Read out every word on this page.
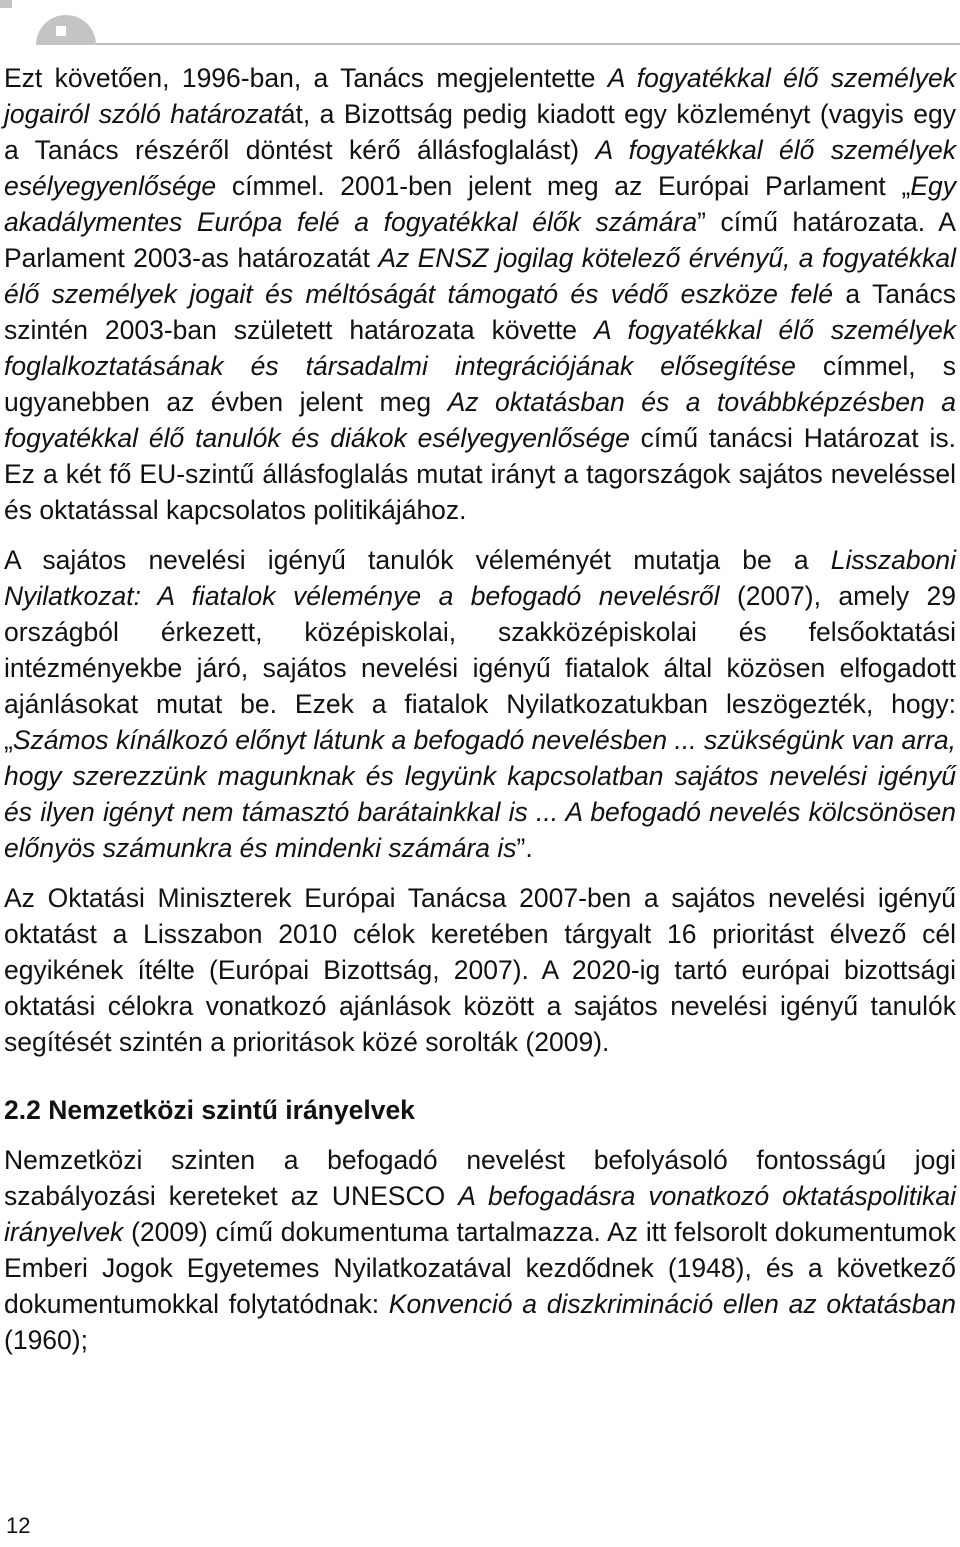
Ezt követően, 1996-ban, a Tanács megjelentette A fogyatékkal élő személyek jogairól szóló határozatát, a Bizottság pedig kiadott egy közleményt (vagyis egy a Tanács részéről döntést kérő állásfoglalást) A fogyatékkal élő személyek esélyegyenlősége címmel. 2001-ben jelent meg az Európai Parlament „Egy akadálymentes Európa felé a fogyatékkal élők számára” című határozata. A Parlament 2003-as határozatát Az ENSZ jogilag kötelező érvényű, a fogyatékkal élő személyek jogait és méltóságát támogató és védő eszköze felé a Tanács szintén 2003-ban született határozata követte A fogyatékkal élő személyek foglalkoztatásának és társadalmi integrációjának elősegítése címmel, s ugyanebben az évben jelent meg Az oktatásban és a továbbképzésben a fogyatékkal élő tanulók és diákok esélyegyenlősége című tanácsi Határozat is. Ez a két fő EU-szintű állásfoglalás mutat irányt a tagországok sajátos neveléssel és oktatással kapcsolatos politikájához.

A sajátos nevelési igényű tanulók véleményét mutatja be a Lisszaboni Nyilatkozat: A fiatalok véleménye a befogadó nevelésről (2007), amely 29 országból érkezett, középiskolai, szakközépiskolai és felsőoktatási intézményekbe járó, sajátos nevelési igényű fiatalok által közösen elfogadott ajánlásokat mutat be. Ezek a fiatalok Nyilatkozatukban leszögezték, hogy: „Számos kínálkozó előnyt látunk a befogadó nevelésben ... szükségünk van arra, hogy szerezzünk magunknak és legyünk kapcsolatban sajátos nevelési igényű és ilyen igényt nem támasztó barátainkkal is ... A befogadó nevelés kölcsönösen előnyös számunkra és mindenki számára is”.

Az Oktatási Miniszterek Európai Tanácsa 2007-ben a sajátos nevelési igényű oktatást a Lisszabon 2010 célok keretében tárgyalt 16 prioritást élvező cél egyikének ítélte (Európai Bizottság, 2007). A 2020-ig tartó európai bizottsági oktatási célokra vonatkozó ajánlások között a sajátos nevelési igényű tanulók segítését szintén a prioritások közé sorolták (2009).

2.2 Nemzetközi szintű irányelvek

Nemzetközi szinten a befogadó nevelést befolyásoló fontosságú jogi szabályozási kereteket az UNESCO A befogadásra vonatkozó oktatáspolitikai irányelvek (2009) című dokumentuma tartalmazza. Az itt felsorolt dokumentumok Emberi Jogok Egyetemes Nyilatkozatával kezdődnek (1948), és a következő dokumentumokkal folytatódnak: Konvenció a diszkrimináció ellen az oktatásban (1960);

12
